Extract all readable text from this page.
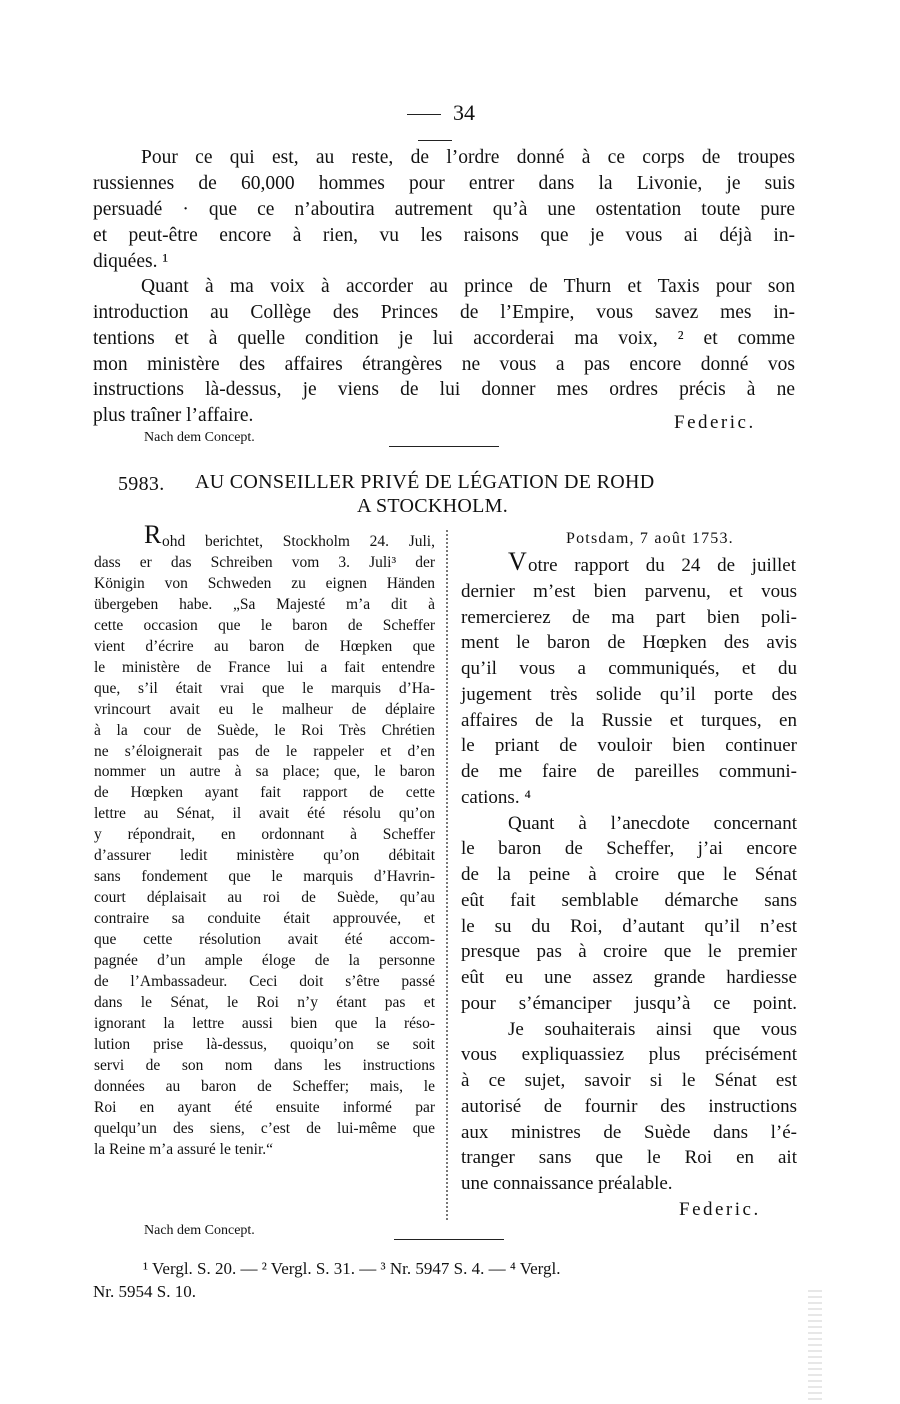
34
Pour ce qui est, au reste, de l’ordre donné à ce corps de troupes
russiennes de 60,000 hommes pour entrer dans la Livonie, je suis
persuadé · que ce n’aboutira autrement qu’à une ostentation toute pure
et peut-être encore à rien, vu les raisons que je vous ai déjà in-
diquées. ¹
Quant à ma voix à accorder au prince de Thurn et Taxis pour son
introduction au Collège des Princes de l’Empire, vous savez mes in-
tentions et à quelle condition je lui accorderai ma voix, ² et comme
mon ministère des affaires étrangères ne vous a pas encore donné vos
instructions là-dessus, je viens de lui donner mes ordres précis à ne
plus traîner l’affaire.	Federic.
Nach dem Concept.
5983. AU CONSEILLER PRIVÉ DE LÉGATION DE ROHD
A STOCKHOLM.
R ohd berichtet, Stockholm 24. Juli,
dass er das Schreiben vom 3. Juli³ der
Königin von Schweden zu eignen Händen
übergeben habe. „Sa Majesté m’a dit à
cette occasion que le baron de Scheffer
vient d’écrire au baron de Hœpken que
le ministère de France lui a fait entendre
que, s’il était vrai que le marquis d’Ha-
vrincourt avait eu le malheur de déplaire
à la cour de Suède, le Roi Très Chrétien
ne s’éloignerait pas de le rappeler et d’en
nommer un autre à sa place; que, le baron
de Hœpken ayant fait rapport de cette
lettre au Sénat, il avait été résolu qu’on
y répondrait, en ordonnant à Scheffer
d’assurer ledit ministère qu’on débitait
sans fondement que le marquis d’Havrin-
court déplaisait au roi de Suède, qu’au
contraire sa conduite était approuvée, et
que cette résolution avait été accom-
pagnée d’un ample éloge de la personne
de l’Ambassadeur. Ceci doit s’être passé
dans le Sénat, le Roi n’y étant pas et
ignorant la lettre aussi bien que la réso-
lution prise là-dessus, quoiqu’on se soit
servi de son nom dans les instructions
données au baron de Scheffer; mais, le
Roi en ayant été ensuite informé par
quelqu’un des siens, c’est de lui-même que
la Reine m’a assuré le tenir.“
Potsdam, 7 août 1753.
V otre rapport du 24 de juillet
dernier m’est bien parvenu, et vous
remercierez de ma part bien poli-
ment le baron de Hœpken des avis
qu’il vous a communiqués, et du
jugement très solide qu’il porte des
affaires de la Russie et turques, en
le priant de vouloir bien continuer
de me faire de pareilles communi-
cations. ⁴
Quant à l’anecdote concernant
le baron de Scheffer, j’ai encore
de la peine à croire que le Sénat
eût fait semblable démarche sans
le su du Roi, d’autant qu’il n’est
presque pas à croire que le premier
eût eu une assez grande hardiesse
pour s’émanciper jusqu’à ce point.
Je souhaiterais ainsi que vous
vous expliquassiez plus précisément
à ce sujet, savoir si le Sénat est
autorisé de fournir des instructions
aux ministres de Suède dans l’é-
tranger sans que le Roi en ait
une connaissance préalable.
Federic.
Nach dem Concept.
¹ Vergl. S. 20. — ² Vergl. S. 31. — ³ Nr. 5947 S. 4. — ⁴ Vergl.
Nr. 5954 S. 10.
